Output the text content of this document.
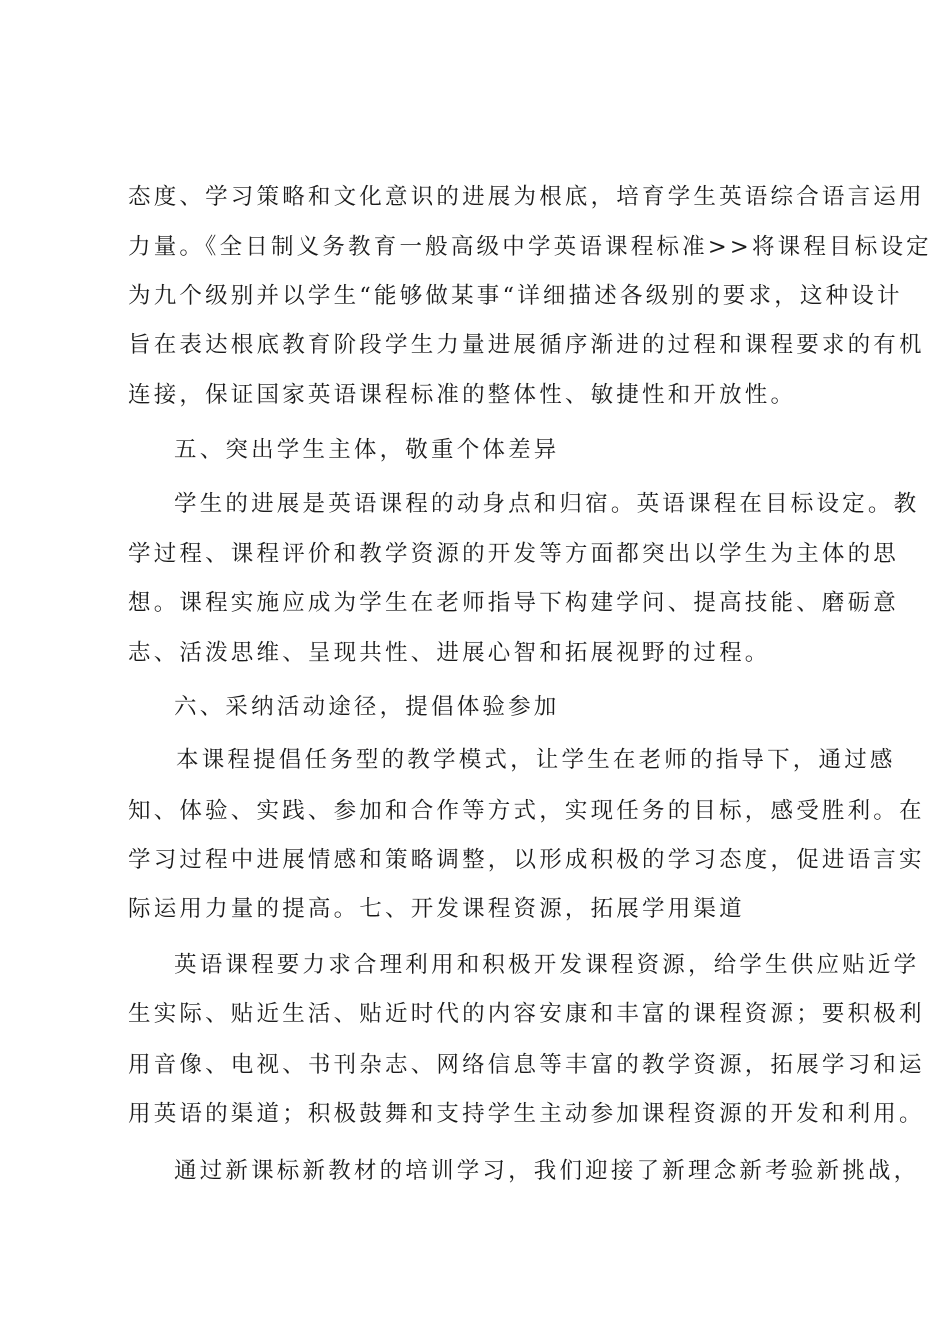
态度、学习策略和文化意识的进展为根底，培育学生英语综合语言运用
力量。《全日制义务教育一般高级中学英语课程标准>>将课程目标设定
为九个级别并以学生“能够做某事“详细描述各级别的要求，这种设计
旨在表达根底教育阶段学生力量进展循序渐进的过程和课程要求的有机
连接，保证国家英语课程标准的整体性、敏捷性和开放性。
五、突出学生主体，敬重个体差异
学生的进展是英语课程的动身点和归宿。英语课程在目标设定。教
学过程、课程评价和教学资源的开发等方面都突出以学生为主体的思
想。课程实施应成为学生在老师指导下构建学问、提高技能、磨砺意
志、活泼思维、呈现共性、进展心智和拓展视野的过程。
六、采纳活动途径，提倡体验参加
本课程提倡任务型的教学模式，让学生在老师的指导下，通过感
知、体验、实践、参加和合作等方式，实现任务的目标，感受胜利。在
学习过程中进展情感和策略调整，以形成积极的学习态度，促进语言实
际运用力量的提高。七、开发课程资源，拓展学用渠道
英语课程要力求合理利用和积极开发课程资源，给学生供应贴近学
生实际、贴近生活、贴近时代的内容安康和丰富的课程资源；要积极利
用音像、电视、书刊杂志、网络信息等丰富的教学资源，拓展学习和运
用英语的渠道；积极鼓舞和支持学生主动参加课程资源的开发和利用。
通过新课标新教材的培训学习，我们迎接了新理念新考验新挑战，
